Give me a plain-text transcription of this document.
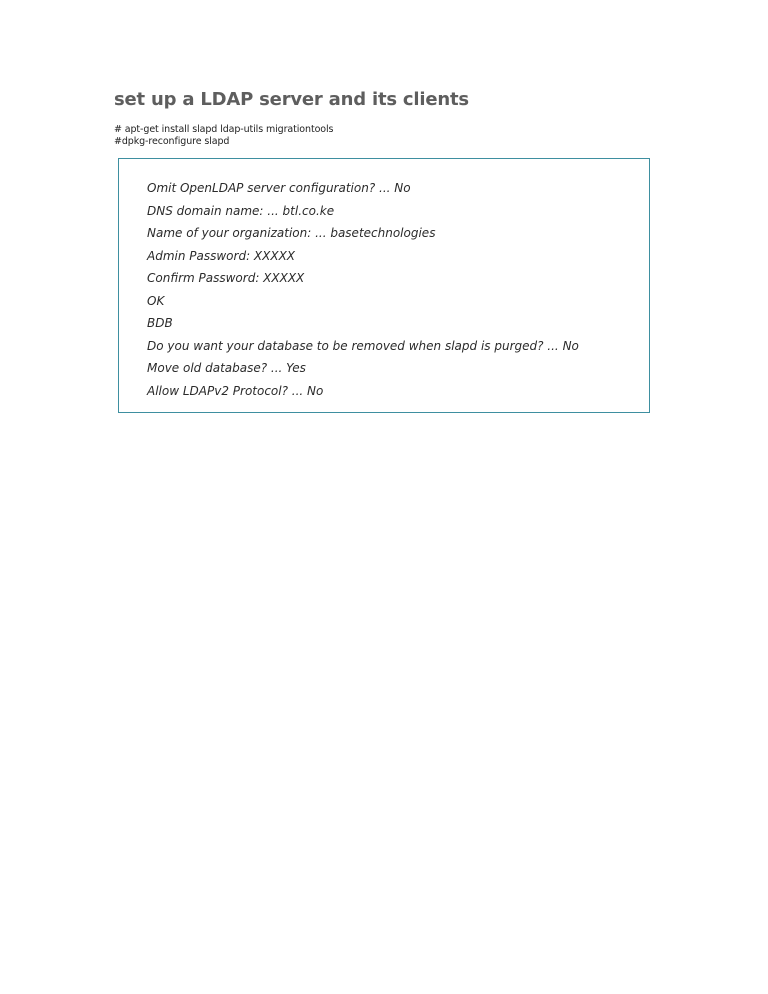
set up a LDAP server and its clients

# apt-get install slapd ldap-utils migrationtools

#dpkg-reconfigure slapd

Omit OpenLDAP server configuration? ... No
DNS domain name: ... btl.co.ke
Name of your organization: ... basetechnologies
Admin Password: XXXXX
Confirm Password: XXXXX
OK
BDB
Do you want your database to be removed when slapd is purged? ... No
Move old database? ... Yes
Allow LDAPv2 Protocol? ... No
